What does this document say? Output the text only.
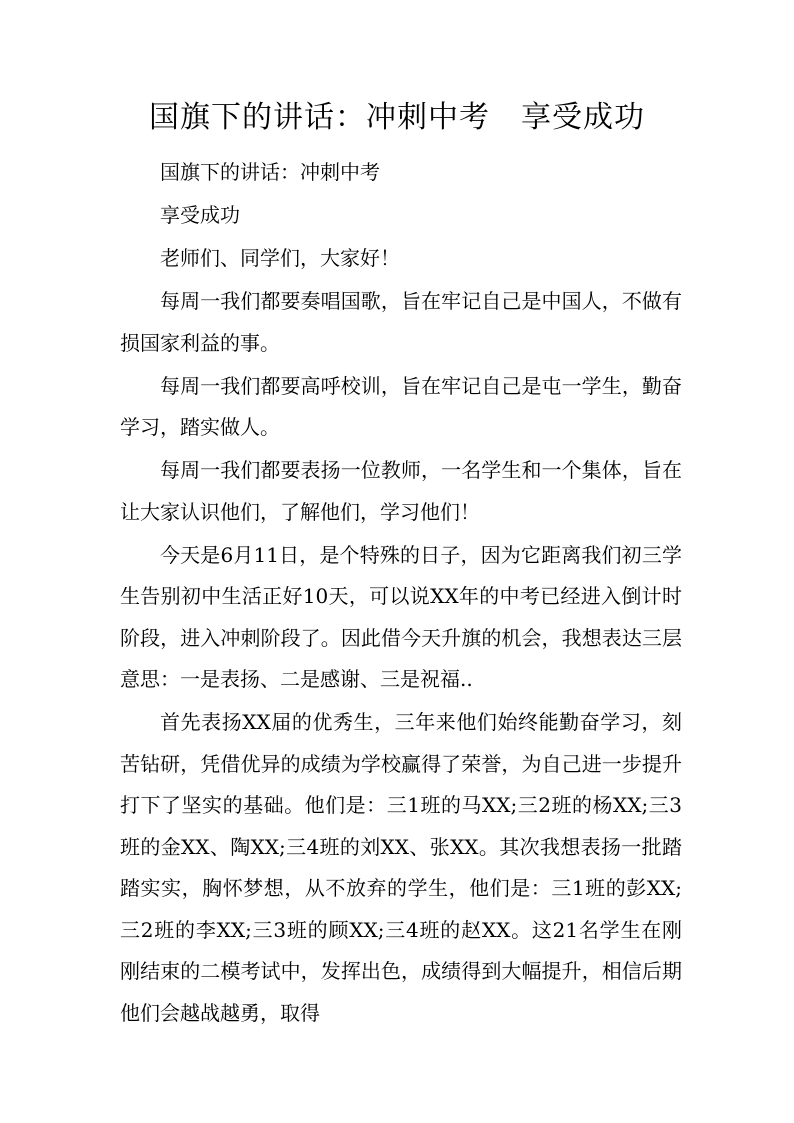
国旗下的讲话：冲刺中考　享受成功

国旗下的讲话：冲刺中考

享受成功

老师们、同学们，大家好！

每周一我们都要奏唱国歌，旨在牢记自己是中国人，不做有损国家利益的事。

每周一我们都要高呼校训，旨在牢记自己是屯一学生，勤奋学习，踏实做人。

每周一我们都要表扬一位教师，一名学生和一个集体，旨在让大家认识他们，了解他们，学习他们！

今天是6月11日，是个特殊的日子，因为它距离我们初三学生告别初中生活正好10天，可以说XX年的中考已经进入倒计时阶段，进入冲刺阶段了。因此借今天升旗的机会，我想表达三层意思：一是表扬、二是感谢、三是祝福..

首先表扬XX届的优秀生，三年来他们始终能勤奋学习，刻苦钻研，凭借优异的成绩为学校赢得了荣誉，为自己进一步提升打下了坚实的基础。他们是：三1班的马XX;三2班的杨XX;三3班的金XX、陶XX;三4班的刘XX、张XX。其次我想表扬一批踏踏实实，胸怀梦想，从不放弃的学生，他们是：三1班的彭XX;三2班的李XX;三3班的顾XX;三4班的赵XX。这21名学生在刚刚结束的二模考试中，发挥出色，成绩得到大幅提升，相信后期他们会越战越勇，取得
